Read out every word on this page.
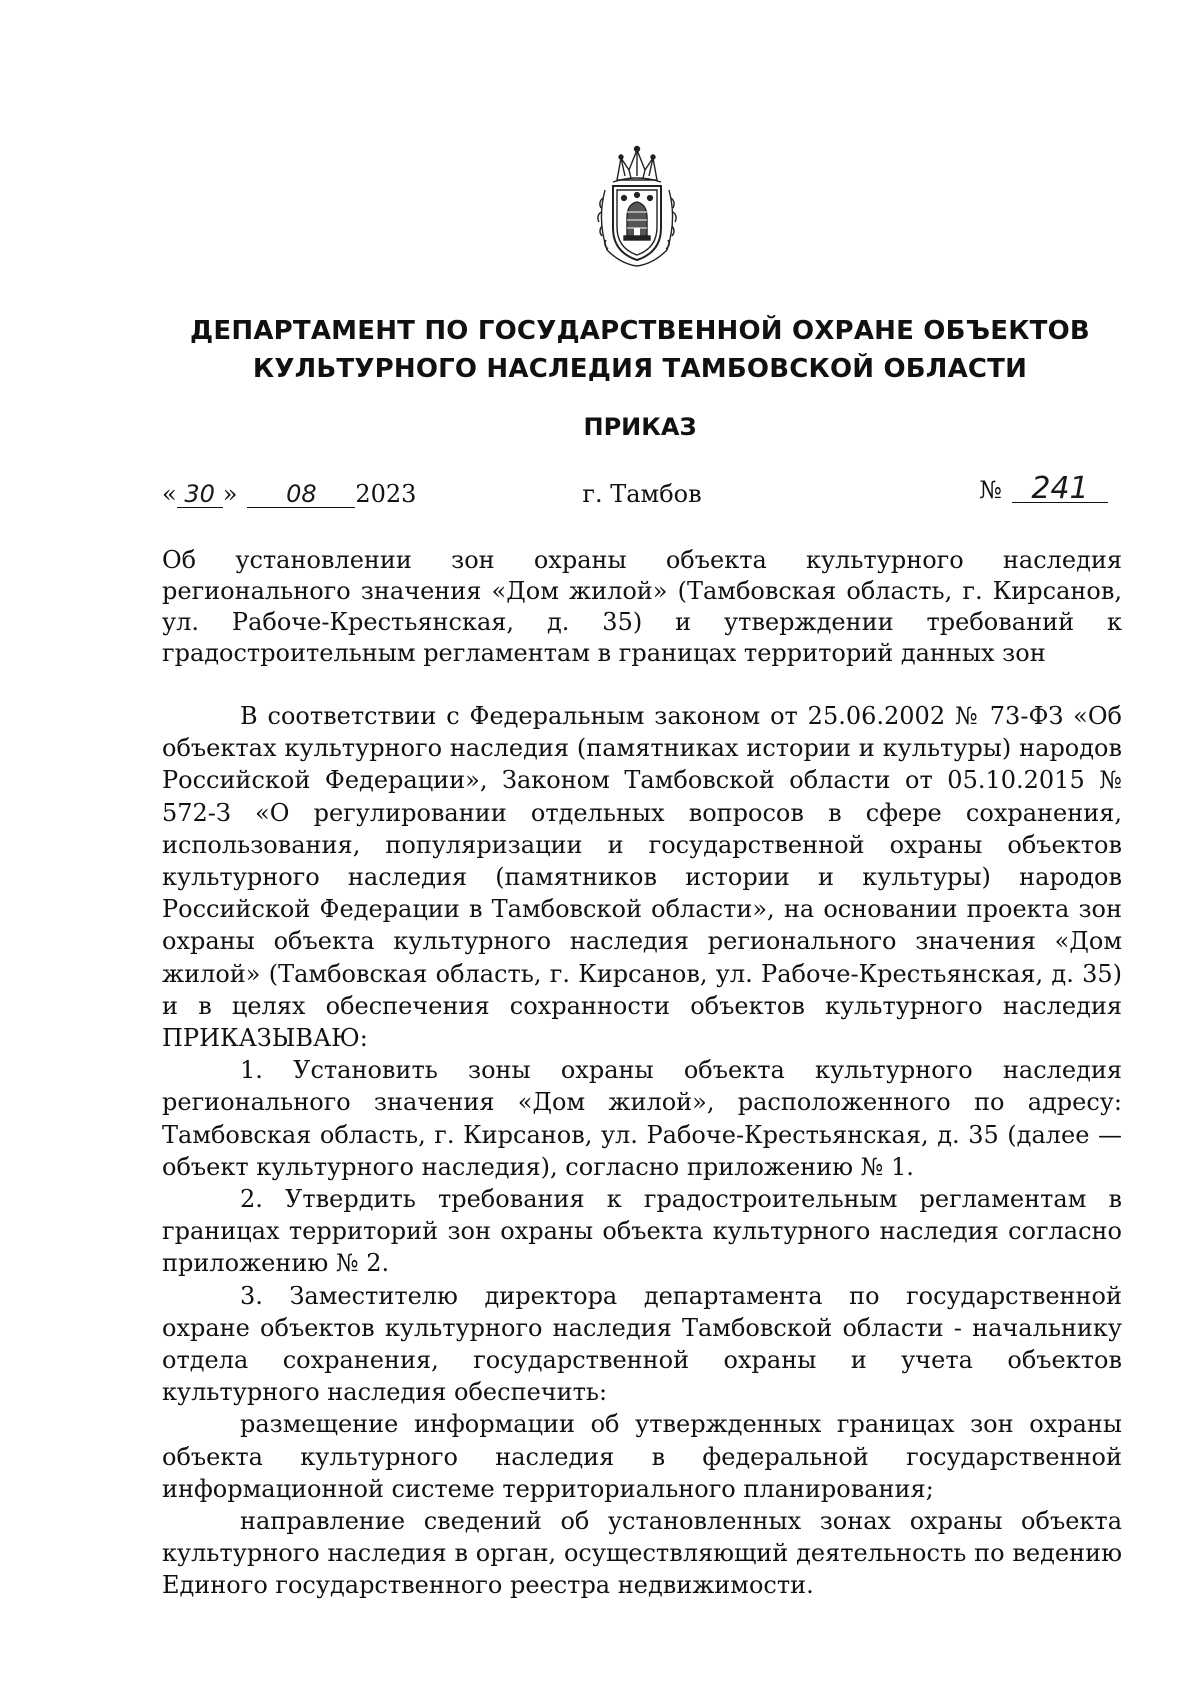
ДЕПАРТАМЕНТ ПО ГОСУДАРСТВЕННОЙ ОХРАНЕ ОБЪЕКТОВ
КУЛЬТУРНОГО НАСЛЕДИЯ ТАМБОВСКОЙ ОБЛАСТИ
ПРИКАЗ
« 30 » 08 2023	г. Тамбов	№ 241
Об установлении зон охраны объекта культурного наследия регионального значения «Дом жилой» (Тамбовская область, г. Кирсанов, ул. Рабоче-Крестьянская, д. 35) и утверждении требований к градостроительным регламентам в границах территорий данных зон

В соответствии с Федеральным законом от 25.06.2002 № 73-ФЗ «Об объектах культурного наследия (памятниках истории и культуры) народов Российской Федерации», Законом Тамбовской области от 05.10.2015 № 572-З «О регулировании отдельных вопросов в сфере сохранения, использования, популяризации и государственной охраны объектов культурного наследия (памятников истории и культуры) народов Российской Федерации в Тамбовской области», на основании проекта зон охраны объекта культурного наследия регионального значения «Дом жилой» (Тамбовская область, г. Кирсанов, ул. Рабоче-Крестьянская, д. 35) и в целях обеспечения сохранности объектов культурного наследия ПРИКАЗЫВАЮ:

1. Установить зоны охраны объекта культурного наследия регионального значения «Дом жилой», расположенного по адресу: Тамбовская область, г. Кирсанов, ул. Рабоче-Крестьянская, д. 35 (далее — объект культурного наследия), согласно приложению № 1.

2. Утвердить требования к градостроительным регламентам в границах территорий зон охраны объекта культурного наследия согласно приложению № 2.

3. Заместителю директора департамента по государственной охране объектов культурного наследия Тамбовской области - начальнику отдела сохранения, государственной охраны и учета объектов культурного наследия обеспечить:

размещение информации об утвержденных границах зон охраны объекта культурного наследия в федеральной государственной информационной системе территориального планирования;

направление сведений об установленных зонах охраны объекта культурного наследия в орган, осуществляющий деятельность по ведению Единого государственного реестра недвижимости.
